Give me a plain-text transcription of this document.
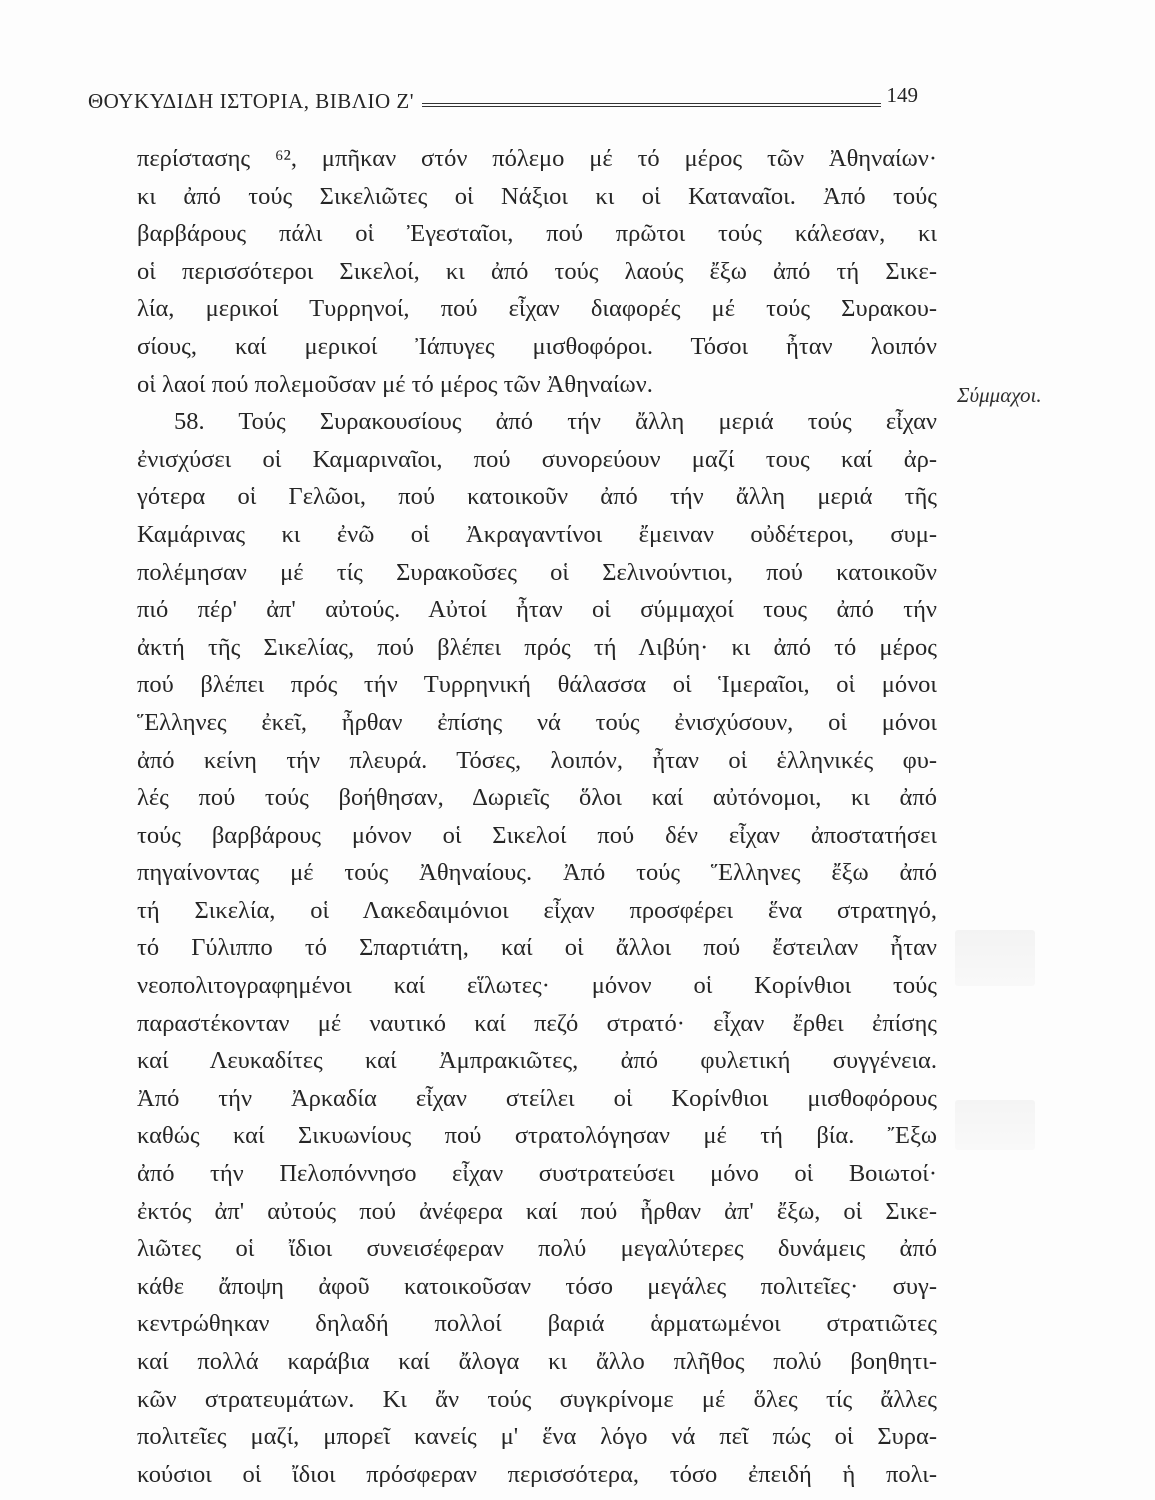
ΘΟΥΚΥΔΙΔΗ ΙΣΤΟΡΙΑ, ΒΙΒΛΙΟ Ζ'	149
περίστασης ⁶², μπῆκαν στόν πόλεμο μέ τό μέρος τῶν Ἀθηναίων·
κι ἀπό τούς Σικελιῶτες οἱ Νάξιοι κι οἱ Καταναῖοι. Ἀπό τούς
βαρβάρους πάλι οἱ Ἐγεσταῖοι, πού πρῶτοι τούς κάλεσαν, κι
οἱ περισσότεροι Σικελοί, κι ἀπό τούς λαούς ἔξω ἀπό τή Σικε-
λία, μερικοί Τυρρηνοί, πού εἶχαν διαφορές μέ τούς Συρακου-
σίους, καί μερικοί Ἰάπυγες μισθοφόροι. Τόσοι ἦταν λοιπόν
οἱ λαοί πού πολεμοῦσαν μέ τό μέρος τῶν Ἀθηναίων.
58. Τούς Συρακουσίους ἀπό τήν ἄλλη μεριά τούς εἶχαν
ἐνισχύσει οἱ Καμαριναῖοι, πού συνορεύουν μαζί τους καί ἀρ-
γότερα οἱ Γελῶοι, πού κατοικοῦν ἀπό τήν ἄλλη μεριά τῆς
Καμάρινας κι ἐνῶ οἱ Ἀκραγαντίνοι ἔμειναν οὐδέτεροι, συμ-
πολέμησαν μέ τίς Συρακοῦσες οἱ Σελινούντιοι, πού κατοικοῦν
πιό πέρ' ἀπ' αὐτούς. Αὐτοί ἦταν οἱ σύμμαχοί τους ἀπό τήν
ἀκτή τῆς Σικελίας, πού βλέπει πρός τή Λιβύη· κι ἀπό τό μέρος
πού βλέπει πρός τήν Τυρρηνική θάλασσα οἱ Ἱμεραῖοι, οἱ μόνοι
Ἕλληνες ἐκεῖ, ἦρθαν ἐπίσης νά τούς ἐνισχύσουν, οἱ μόνοι
ἀπό κείνη τήν πλευρά. Τόσες, λοιπόν, ἦταν οἱ ἑλληνικές φυ-
λές πού τούς βοήθησαν, Δωριεῖς ὅλοι καί αὐτόνομοι, κι ἀπό
τούς βαρβάρους μόνον οἱ Σικελοί πού δέν εἶχαν ἀποστατήσει
πηγαίνοντας μέ τούς Ἀθηναίους. Ἀπό τούς Ἕλληνες ἔξω ἀπό
τή Σικελία, οἱ Λακεδαιμόνιοι εἶχαν προσφέρει ἕνα στρατηγό,
τό Γύλιππο τό Σπαρτιάτη, καί οἱ ἄλλοι πού ἔστειλαν ἦταν
νεοπολιτογραφημένοι καί εἵλωτες· μόνον οἱ Κορίνθιοι τούς
παραστέκονταν μέ ναυτικό καί πεζό στρατό· εἶχαν ἔρθει ἐπίσης
καί Λευκαδίτες καί Ἀμπρακιῶτες, ἀπό φυλετική συγγένεια.
Ἀπό τήν Ἀρκαδία εἶχαν στείλει οἱ Κορίνθιοι μισθοφόρους
καθώς καί Σικυωνίους πού στρατολόγησαν μέ τή βία. Ἔξω
ἀπό τήν Πελοπόννησο εἶχαν συστρατεύσει μόνο οἱ Βοιωτοί·
ἐκτός ἀπ' αὐτούς πού ἀνέφερα καί πού ἦρθαν ἀπ' ἔξω, οἱ Σικε-
λιῶτες οἱ ἴδιοι συνεισέφεραν πολύ μεγαλύτερες δυνάμεις ἀπό
κάθε ἄποψη ἀφοῦ κατοικοῦσαν τόσο μεγάλες πολιτεῖες· συγ-
κεντρώθηκαν δηλαδή πολλοί βαριά ἁρματωμένοι στρατιῶτες
καί πολλά καράβια καί ἄλογα κι ἄλλο πλῆθος πολύ βοηθητι-
κῶν στρατευμάτων. Κι ἄν τούς συγκρίνομε μέ ὅλες τίς ἄλλες
πολιτεῖες μαζί, μπορεῖ κανείς μ' ἕνα λόγο νά πεῖ πώς οἱ Συρα-
κούσιοι οἱ ἴδιοι πρόσφεραν περισσότερα, τόσο ἐπειδή ἡ πολι-
Σύμμαχοι.
